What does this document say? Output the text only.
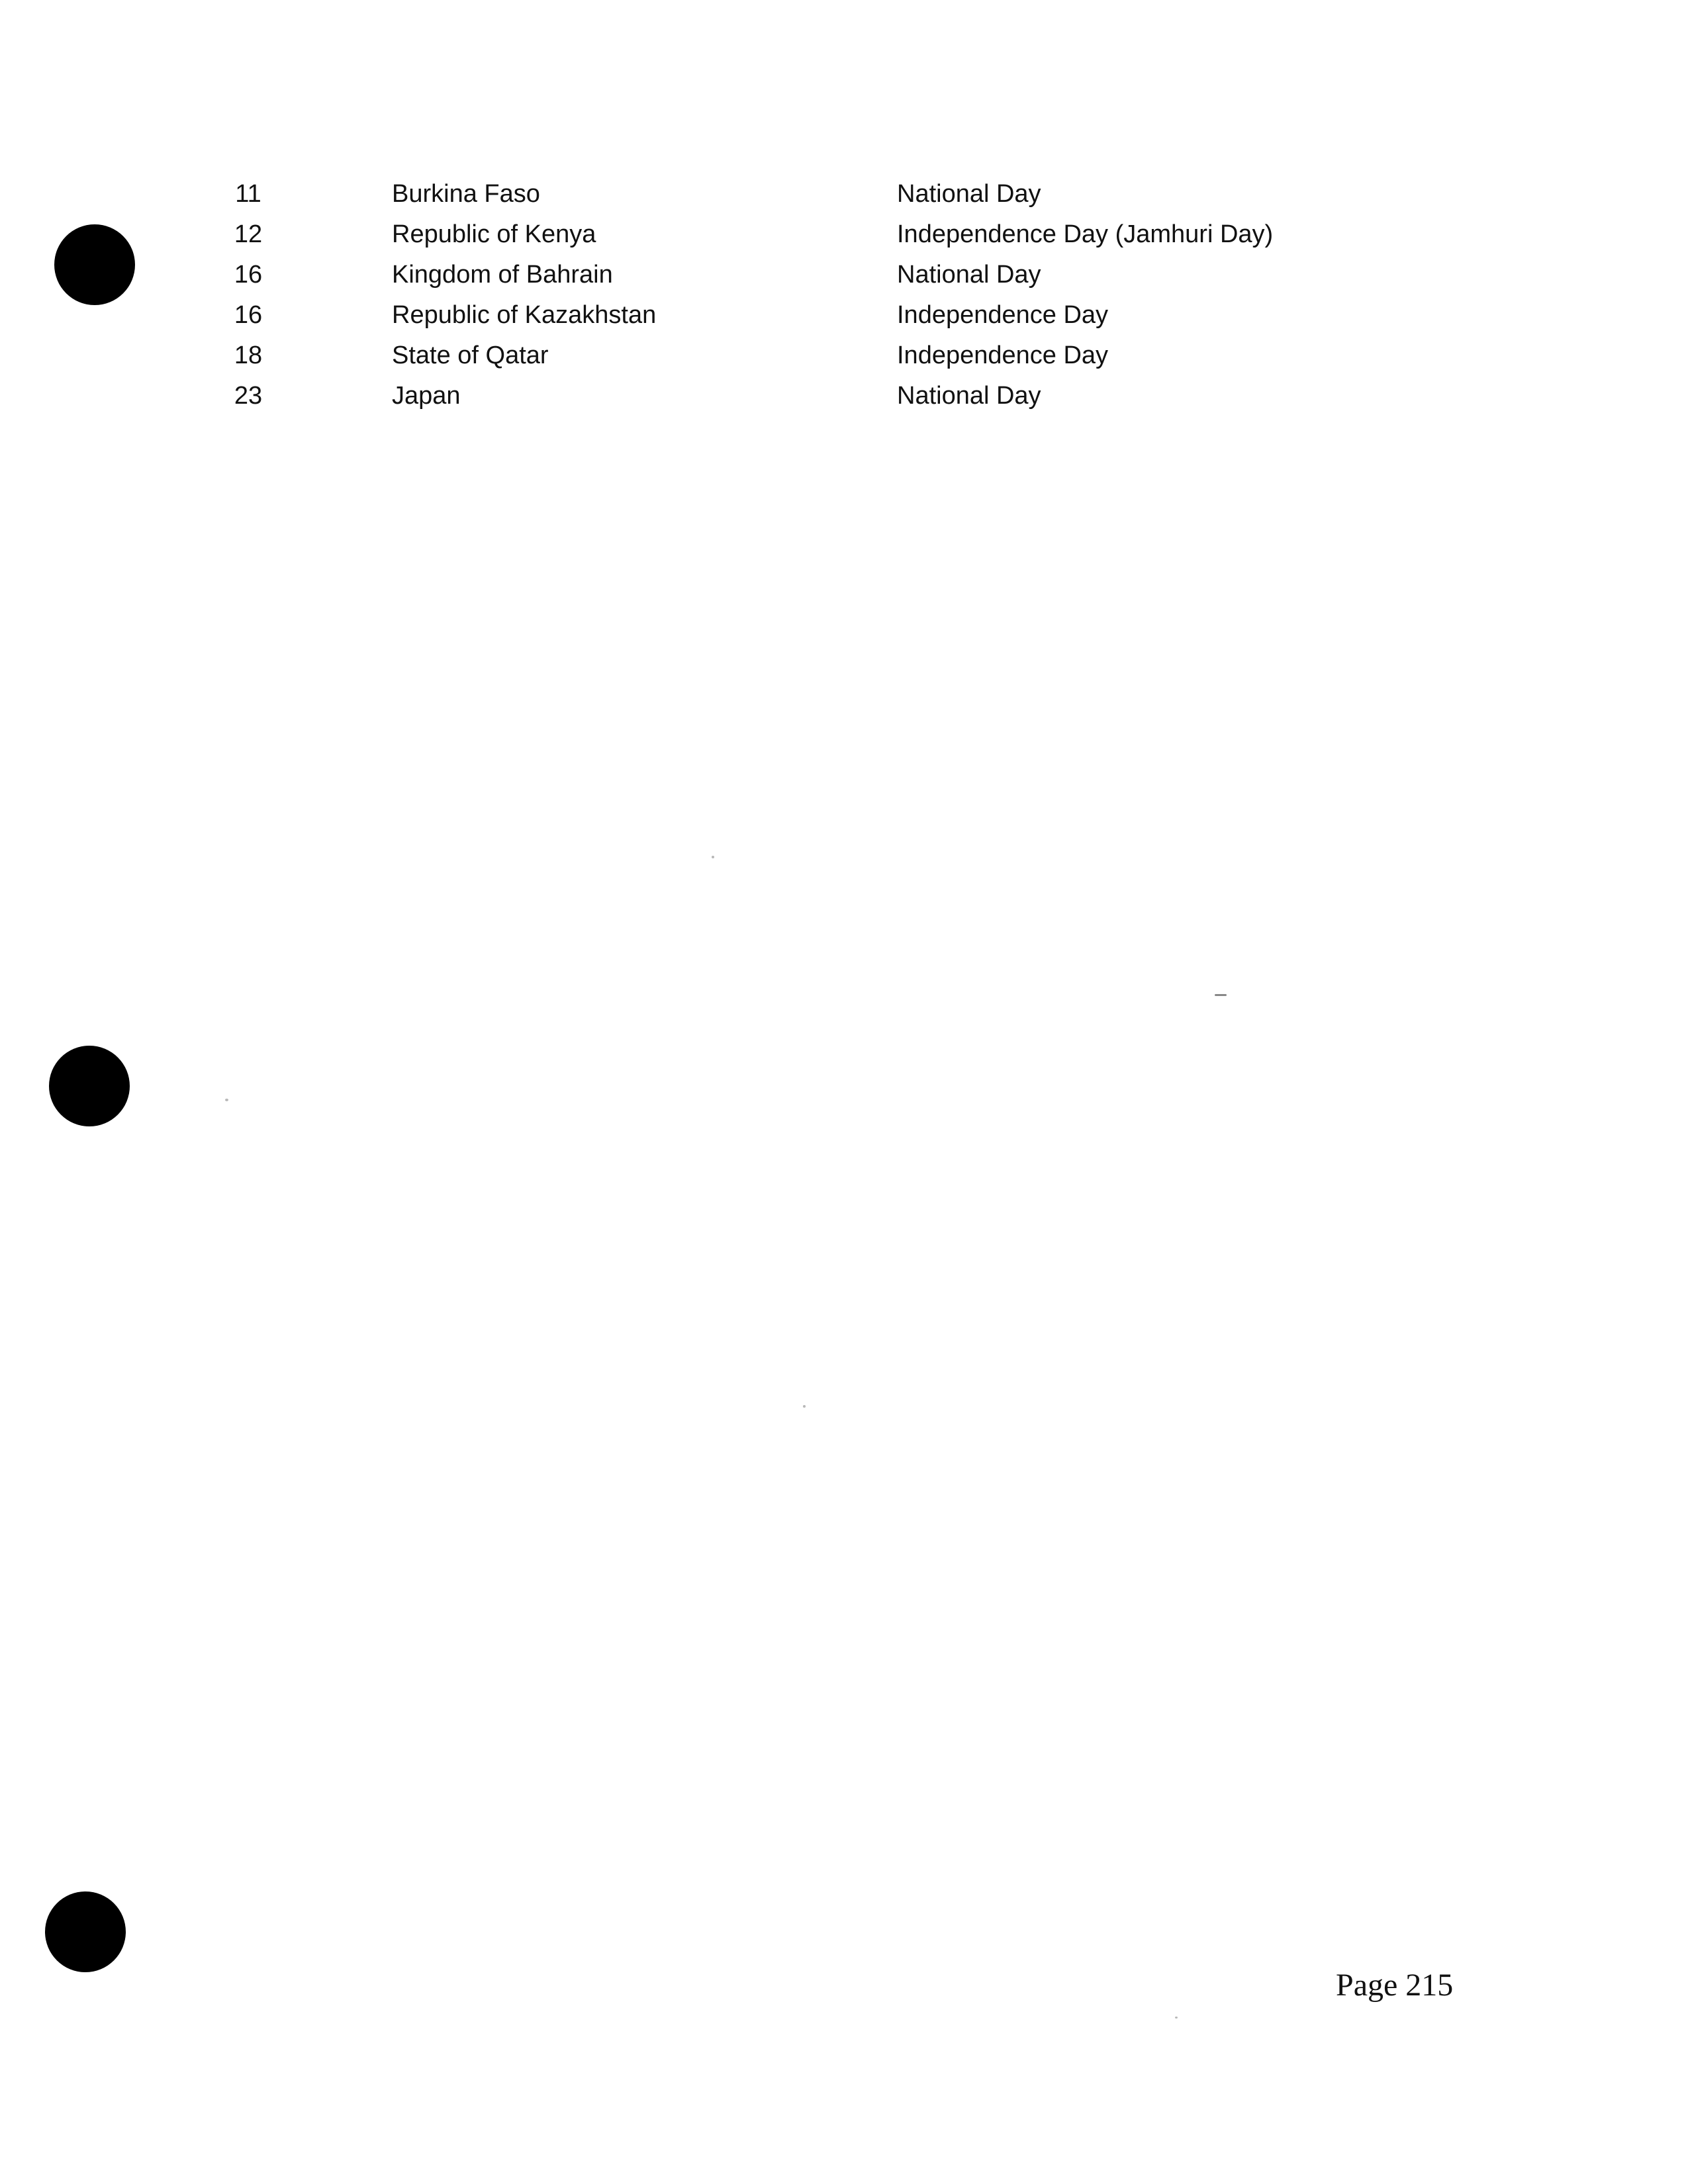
11	Burkina Faso	National Day
12	Republic of Kenya	Independence Day (Jamhuri Day)
16	Kingdom of Bahrain	National Day
16	Republic of Kazakhstan	Independence Day
18	State of Qatar	Independence Day
23	Japan	National Day
Page 215
